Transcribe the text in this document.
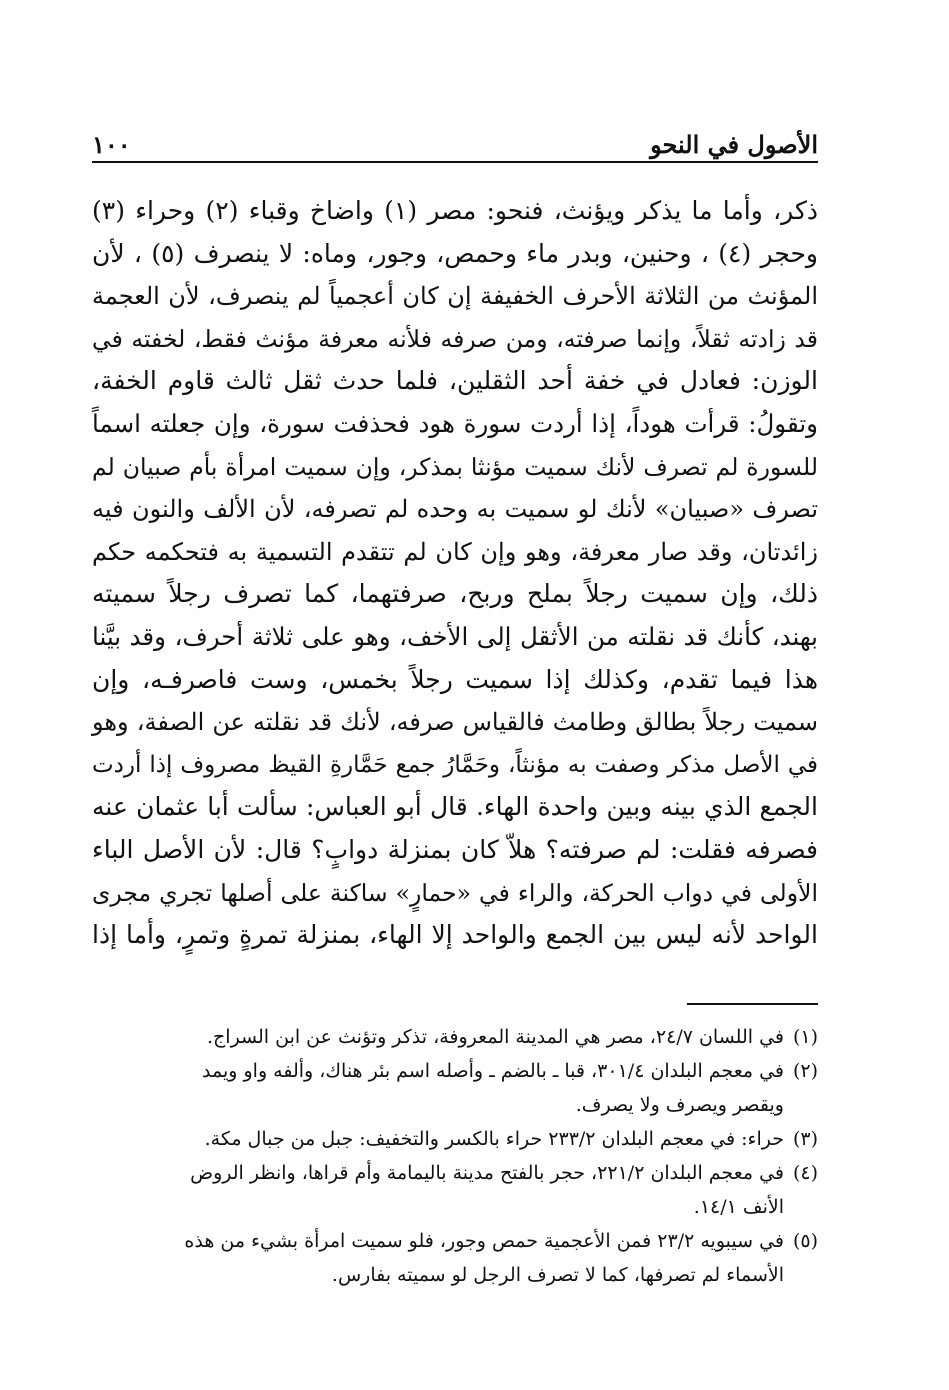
الأصول في النحو
١٠٠
ذكر، وأما ما يذكر ويؤنث، فنحو: مصر (١) واضاخ وقباء (٢) وحراء (٣)
وحجر (٤) ، وحنين، وبدر ماء وحمص، وجور، وماه: لا ينصرف (٥) ، لأن
المؤنث من الثلاثة الأحرف الخفيفة إن كان أعجمياً لم ينصرف، لأن العجمة
قد زادته ثقلاً، وإنما صرفته، ومن صرفه فلأنه معرفة مؤنث فقط، لخفته في
الوزن: فعادل في خفة أحد الثقلين، فلما حدث ثقل ثالث قاوم الخفة،
وتقولُ: قرأت هوداً، إذا أردت سورة هود فحذفت سورة، وإن جعلته اسماً
للسورة لم تصرف لأنك سميت مؤنثا بمذكر، وإن سميت امرأة بأم صبيان لم
تصرف «صبيان» لأنك لو سميت به وحده لم تصرفه، لأن الألف والنون فيه
زائدتان، وقد صار معرفة، وهو وإن كان لم تتقدم التسمية به فتحكمه حكم
ذلك، وإن سميت رجلاً بملح وربح، صرفتهما، كما تصرف رجلاً سميته
بهند، كأنك قد نقلته من الأثقل إلى الأخف، وهو على ثلاثة أحرف، وقد بيَّنا
هذا فيما تقدم، وكذلك إذا سميت رجلاً بخمس، وست فاصرفـه، وإن
سميت رجلاً بطالق وطامث فالقياس صرفه، لأنك قد نقلته عن الصفة، وهو
في الأصل مذكر وصفت به مؤنثاً، وحَمَّارُ جمع حَمَّارةِ القيظ مصروف إذا أردت
الجمع الذي بينه وبين واحدة الهاء. قال أبو العباس: سألت أبا عثمان عنه
فصرفه فقلت: لم صرفته؟ هلاّ كان بمنزلة دوابٍ؟ قال: لأن الأصل الباء
الأولى في دواب الحركة، والراء في «حمارٍ» ساكنة على أصلها تجري مجرى
الواحد لأنه ليس بين الجمع والواحد إلا الهاء، بمنزلة تمرةٍ وتمرٍ، وأما إذا
(١)في اللسان ٢٤/٧، مصر هي المدينة المعروفة، تذكر وتؤنث عن ابن السراج.
(٢)في معجم البلدان ٣٠١/٤، قبا ـ بالضم ـ وأصله اسم بئر هناك، وألفه واو ويمد
ويقصر ويصرف ولا يصرف.
(٣)حراء: في معجم البلدان ٢٣٣/٢ حراء بالكسر والتخفيف: جبل من جبال مكة.
(٤)في معجم البلدان ٢٢١/٢، حجر بالفتح مدينة باليمامة وأم قراها، وانظر الروض
الأنف ١٤/١.
(٥)في سيبويه ٢٣/٢ فمن الأعجمية حمص وجور، فلو سميت امرأة بشيء من هذه
الأسماء لم تصرفها، كما لا تصرف الرجل لو سميته بفارس.
